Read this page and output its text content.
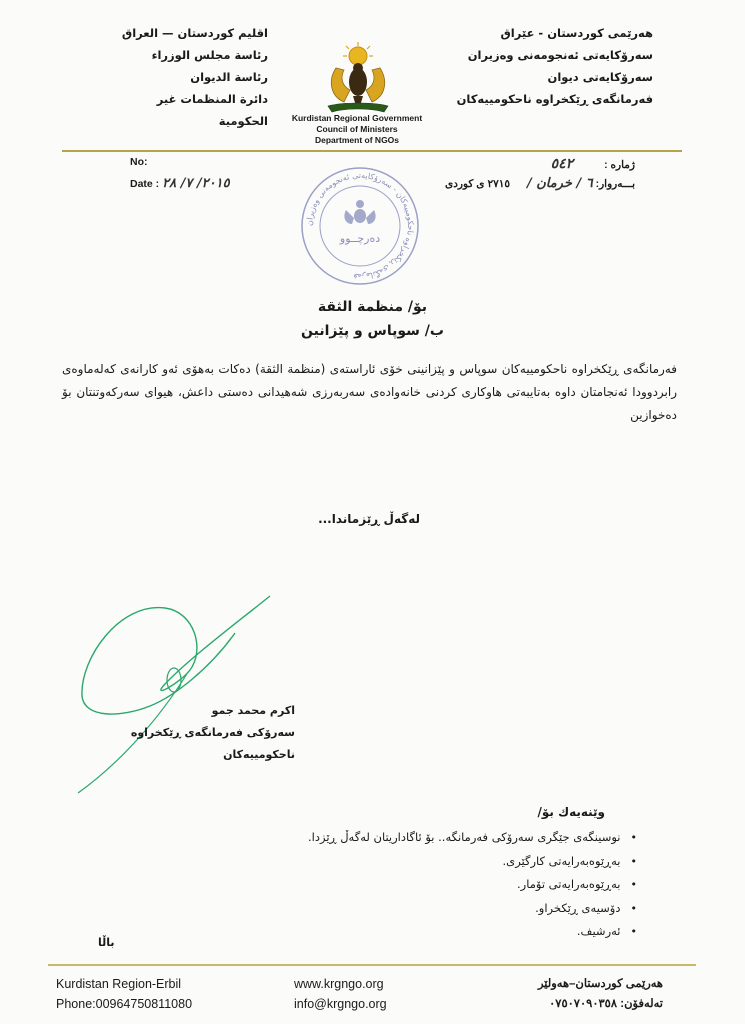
هەرێمی كوردستان - عێراق
سەرۆكایەتی ئەنجومەنی وەزیران
سەرۆكایەتی دیوان
فەرمانگەی ڕێكخراوە ناحكومییەكان
اقليم كوردستان — العراق
رئاسة مجلس الوزراء
رئاسة الديوان
دائرة المنظمات غير الحكومية	Kurdistan Regional Government
Council of Ministers
Department of NGOs
No:
Date : ٢٠١٥/ ٧/ ٢٨
ژمارە : ٥٤٢
بـــەروار: ٦ / خرمان / ٢٧١٥ ی كوردی
فەرمانگەی ڕێكخراوە ناحكومییەكان - سەرۆكایەتی ئەنجومەنی وەزیران
دەرچــوو
بۆ/ منظمة الثقة
ب/ سوپاس و پێزانین
فەرمانگەی ڕێكخراوە ناحكومییەكان سوپاس و پێزانینی خۆی ئاراستەی (منظمة الثقة) دەكات بەهۆی ئەو كارانەی كەلەماوەی رابردوودا ئەنجامتان داوە بەتایبەتی هاوكاری كردنی خانەوادەی سەربەرزی شەهیدانی دەستی داعش، هیوای سەركەوتنتان بۆ دەخوازین
لەگەڵ ڕێزماندا...
اكرم محمد جمو
سەرۆكی فەرمانگەی ڕێكخراوە ناحكومییەكان
وێنەیەك بۆ/
• نوسینگەی جێگری سەرۆكی فەرمانگە.. بۆ ئاگاداریتان لەگەڵ ڕێزدا.
• بەڕێوەبەرایەتی كارگێری.
• بەڕێوەبەرایەتی تۆمار.
• دۆسیەی ڕێكخراو.
• ئەرشیف.
باڵا
Kurdistan Region-Erbil
Phone:00964750811080
www.krgngo.org
info@krgngo.org
هەرێمی كوردستان–هەولێر
تەلەفۆن: ٠٧٥٠٧٠٩٠٣٥٨
